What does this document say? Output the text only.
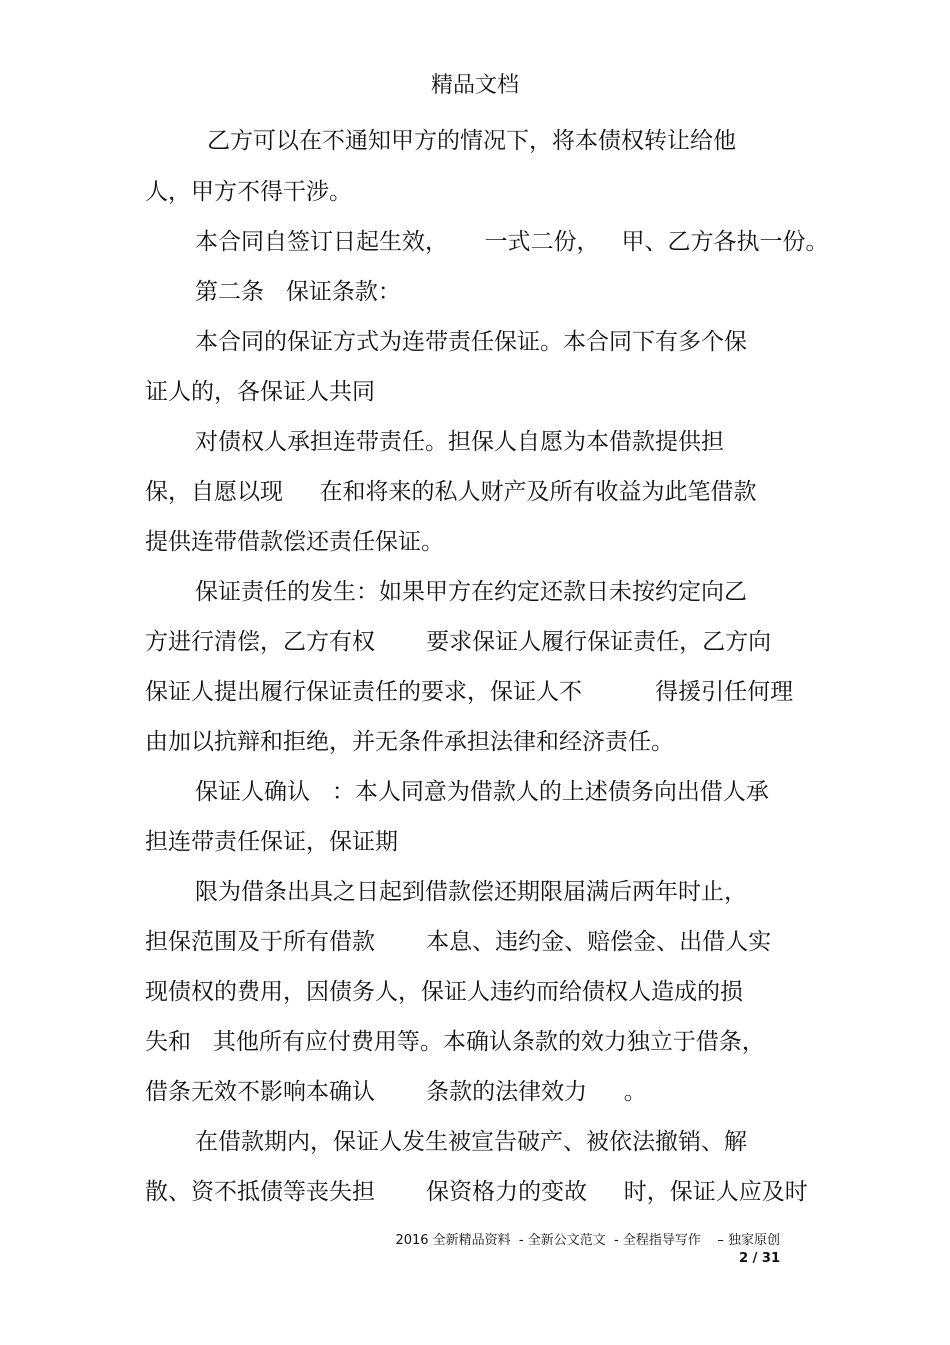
精品文档
乙方可以在不通知甲方的情况下，将本债权转让给他
人，甲方不得干涉。
本合同自签订日起生效，     一式二份，   甲、乙方各执一份。
第二条   保证条款：
本合同的保证方式为连带责任保证。本合同下有多个保
证人的，各保证人共同
对债权人承担连带责任。担保人自愿为本借款提供担
保，自愿以现     在和将来的私人财产及所有收益为此笔借款
提供连带借款偿还责任保证。
保证责任的发生：如果甲方在约定还款日未按约定向乙
方进行清偿，乙方有权       要求保证人履行保证责任，乙方向
保证人提出履行保证责任的要求，保证人不          得援引任何理
由加以抗辩和拒绝，并无条件承担法律和经济责任。
保证人确认   ：本人同意为借款人的上述债务向出借人承
担连带责任保证，保证期
限为借条出具之日起到借款偿还期限届满后两年时止，
担保范围及于所有借款       本息、违约金、赔偿金、出借人实
现债权的费用，因债务人，保证人违约而给债权人造成的损
失和   其他所有应付费用等。本确认条款的效力独立于借条，
借条无效不影响本确认       条款的法律效力     。
在借款期内，保证人发生被宣告破产、被依法撤销、解
散、资不抵债等丧失担       保资格力的变故     时，保证人应及时
2016 全新精品资料  - 全新公文范文  - 全程指导写作    – 独家原创
2 / 31
